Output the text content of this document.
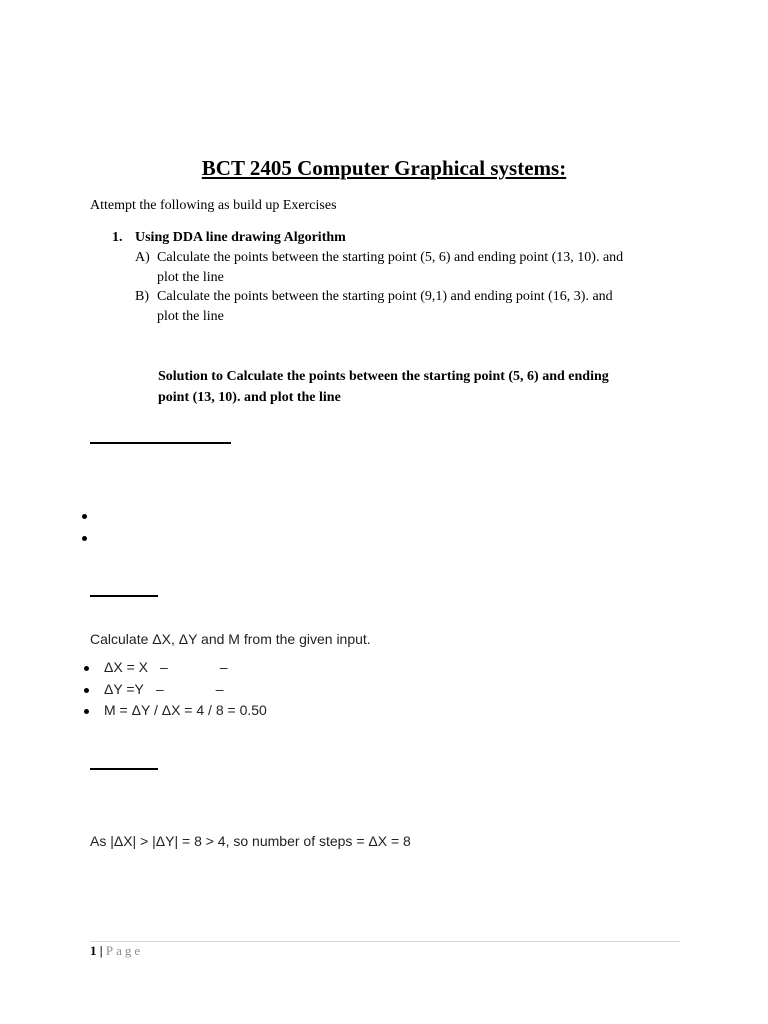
BCT 2405 Computer Graphical systems:
Attempt the following as build up Exercises
1. Using DDA line drawing Algorithm
A) Calculate the points between the starting point (5, 6) and ending point (13, 10). and
plot the line
B) Calculate the points between the starting point (9,1) and ending point (16, 3). and
plot the line
Solution to Calculate the points between the starting point (5, 6) and ending
point (13, 10). and plot the line
Calculate ΔX, ΔY and M from the given input.
ΔX = X –	–
ΔY =Y –	–
M = ΔY / ΔX = 4 / 8 = 0.50
As |ΔX| > |ΔY| = 8 > 4, so number of steps = ΔX = 8
1 | Page
